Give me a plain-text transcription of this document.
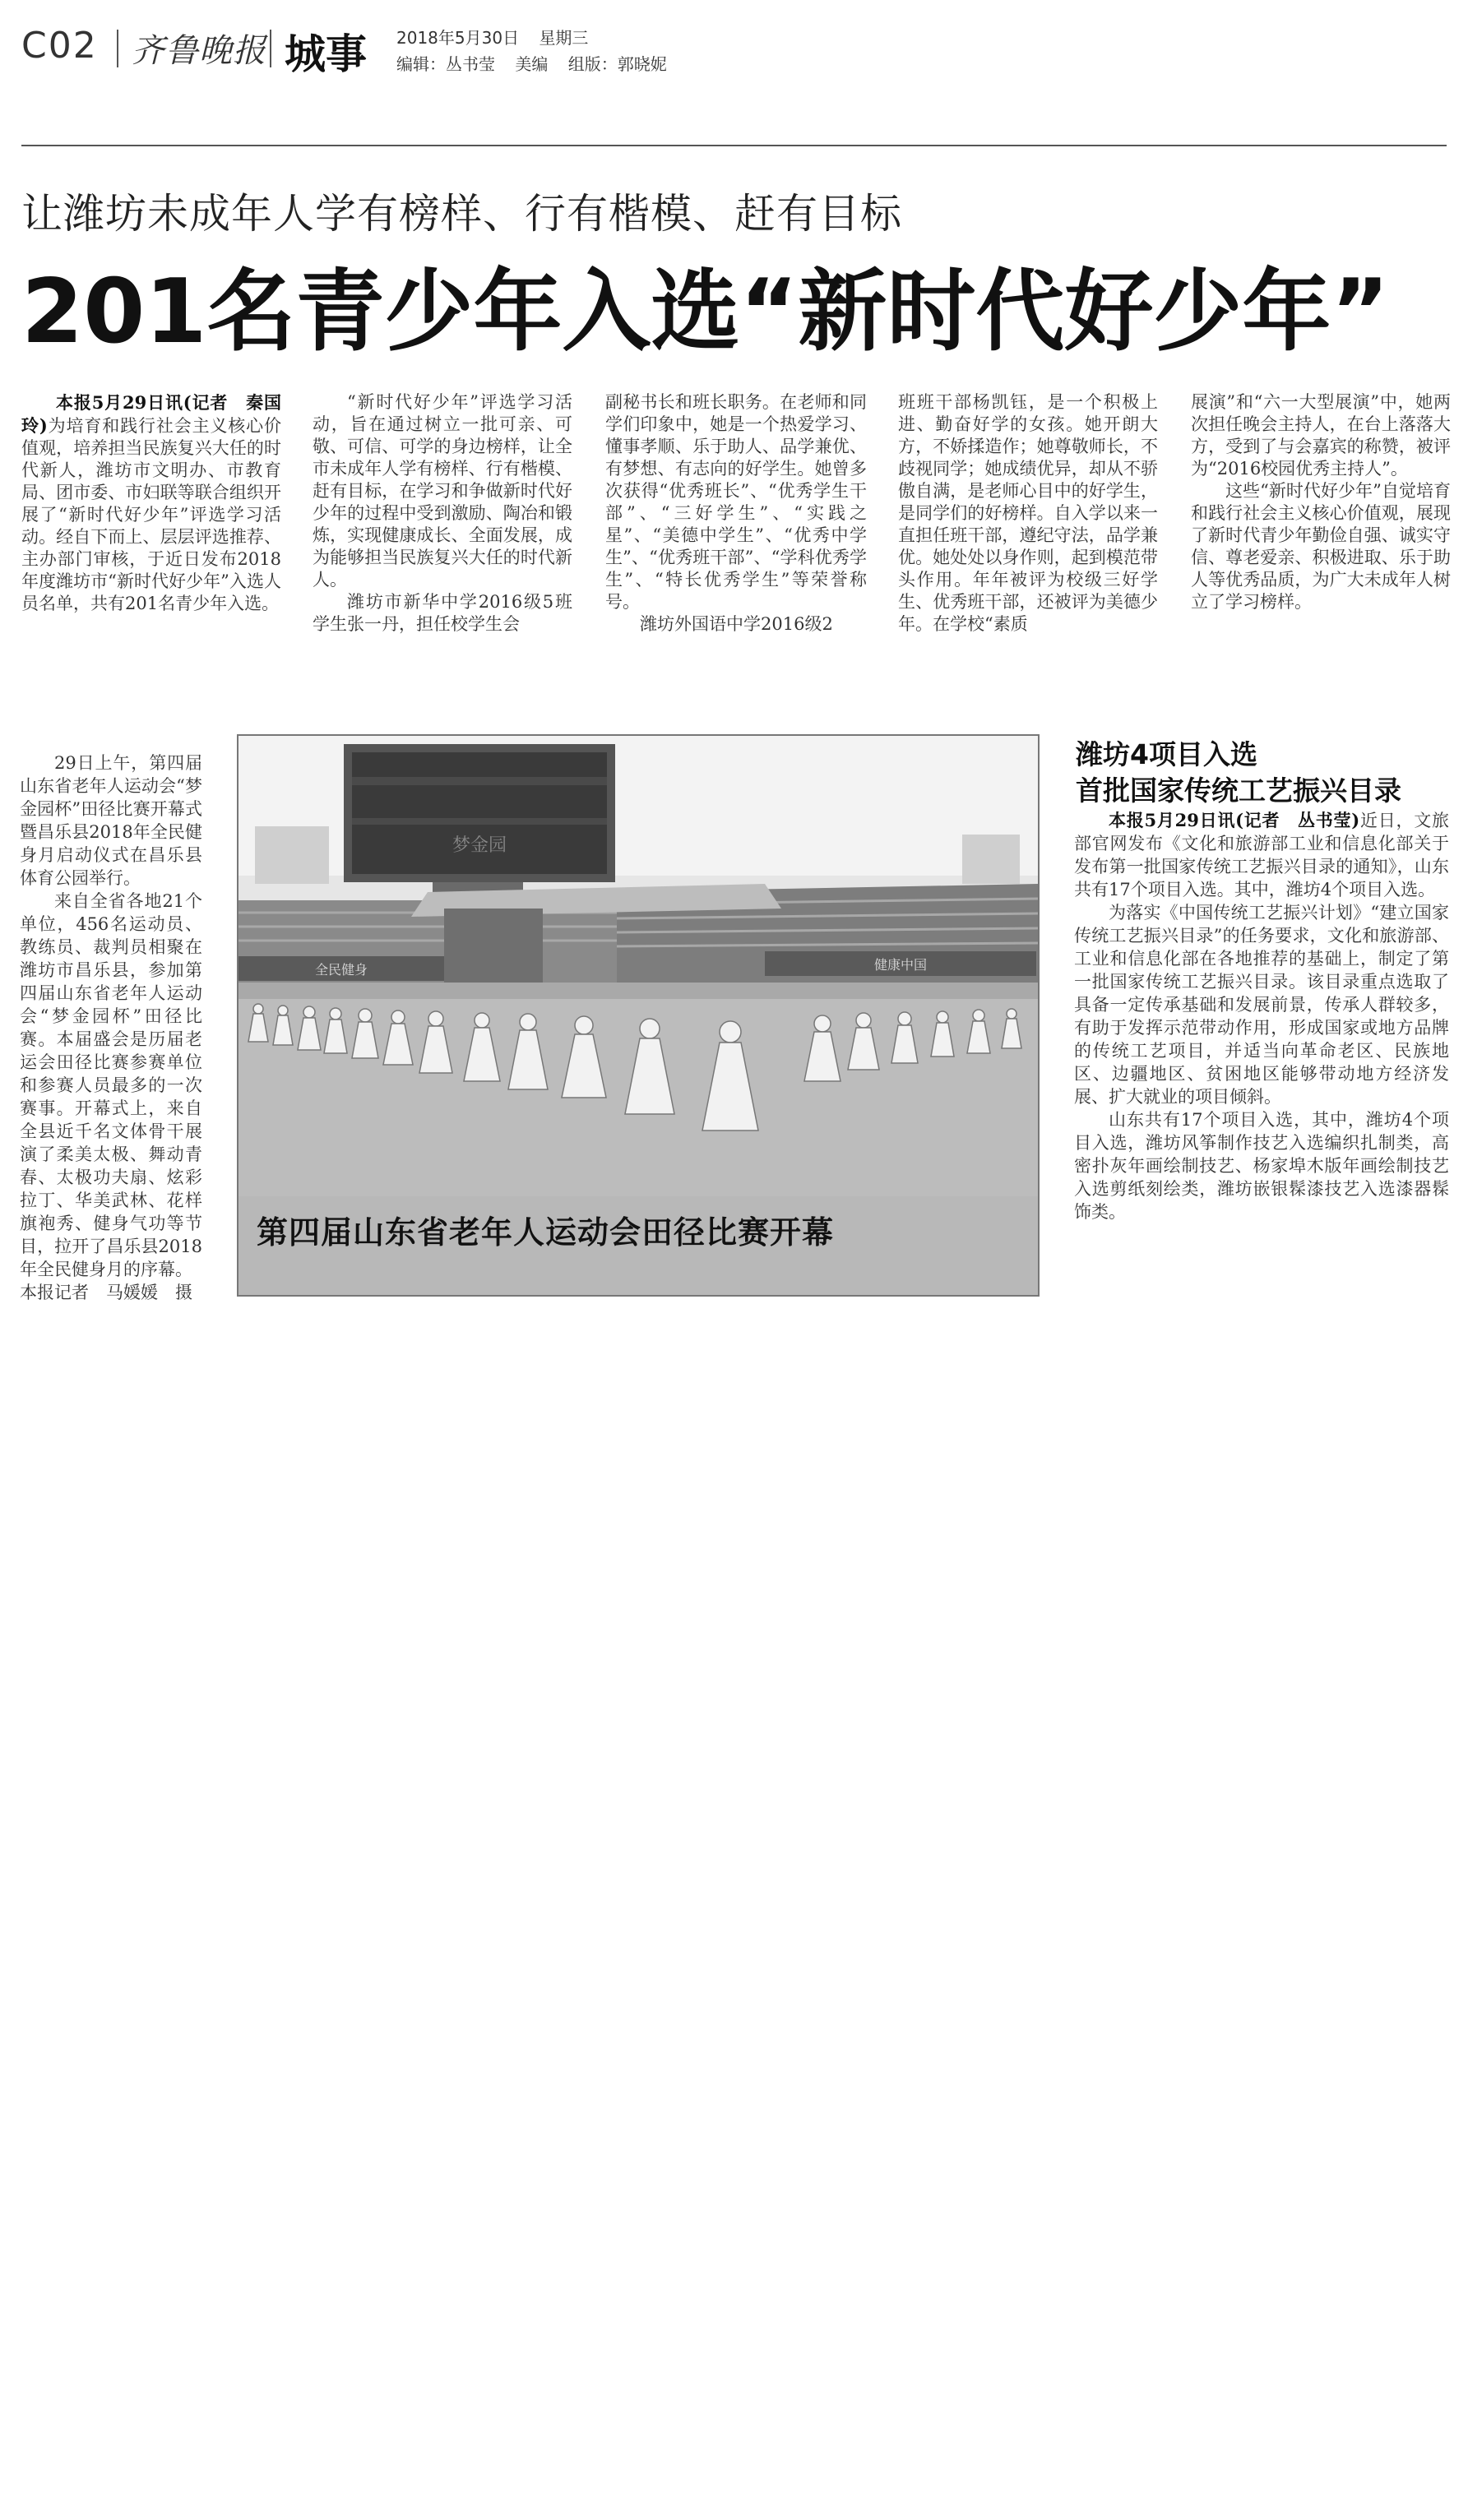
C02 齐鲁晚报 城事 2018年5月30日 星期三
编辑：丛书莹 美编 组版：郭晓妮
让潍坊未成年人学有榜样、行有楷模、赶有目标
201名青少年入选“新时代好少年”

本报5月29日讯(记者　秦国玲)为培育和践行社会主义核心价值观，培养担当民族复兴大任的时代新人，潍坊市文明办、市教育局、团市委、市妇联等联合组织开展了“新时代好少年”评选学习活动。经自下而上、层层评选推荐、主办部门审核，于近日发布2018年度潍坊市“新时代好少年”入选人员名单，共有201名青少年入选。

“新时代好少年”评选学习活动，旨在通过树立一批可亲、可敬、可信、可学的身边榜样，让全市未成年人学有榜样、行有楷模、赶有目标，在学习和争做新时代好少年的过程中受到激励、陶冶和锻炼，实现健康成长、全面发展，成为能够担当民族复兴大任的时代新人。

潍坊市新华中学2016级5班学生张一丹，担任校学生会

副秘书长和班长职务。在老师和同学们印象中，她是一个热爱学习、懂事孝顺、乐于助人、品学兼优、有梦想、有志向的好学生。她曾多次获得“优秀班长”、“优秀学生干部”、“三好学生”、“实践之星”、“美德中学生”、“优秀中学生”、“优秀班干部”、“学科优秀学生”、“特长优秀学生”等荣誉称号。

潍坊外国语中学2016级2

班班干部杨凯钰，是一个积极上进、勤奋好学的女孩。她开朗大方，不娇揉造作；她尊敬师长，不歧视同学；她成绩优异，却从不骄傲自满，是老师心目中的好学生，是同学们的好榜样。自入学以来一直担任班干部，遵纪守法，品学兼优。她处处以身作则，起到模范带头作用。年年被评为校级三好学生、优秀班干部，还被评为美德少年。在学校“素质

展演”和“六一大型展演”中，她两次担任晚会主持人，在台上落落大方，受到了与会嘉宾的称赞，被评为“2016校园优秀主持人”。

这些“新时代好少年”自觉培育和践行社会主义核心价值观，展现了新时代青少年勤俭自强、诚实守信、尊老爱亲、积极进取、乐于助人等优秀品质，为广大未成年人树立了学习榜样。

29日上午，第四届山东省老年人运动会“梦金园杯”田径比赛开幕式暨昌乐县2018年全民健身月启动仪式在昌乐县体育公园举行。

来自全省各地21个单位，456名运动员、教练员、裁判员相聚在潍坊市昌乐县，参加第四届山东省老年人运动会“梦金园杯”田径比赛。本届盛会是历届老运会田径比赛参赛单位和参赛人员最多的一次赛事。开幕式上，来自全县近千名文体骨干展演了柔美太极、舞动青春、太极功夫扇、炫彩拉丁、华美武林、花样旗袍秀、健身气功等节目，拉开了昌乐县2018年全民健身月的序幕。

本报记者　马媛媛　摄

梦金园
全民健身	健康中国
第四届山东省老年人运动会田径比赛开幕
潍坊4项目入选
首批国家传统工艺振兴目录

本报5月29日讯(记者　丛书莹)近日，文旅部官网发布《文化和旅游部工业和信息化部关于发布第一批国家传统工艺振兴目录的通知》，山东共有17个项目入选。其中，潍坊4个项目入选。

为落实《中国传统工艺振兴计划》“建立国家传统工艺振兴目录”的任务要求，文化和旅游部、工业和信息化部在各地推荐的基础上，制定了第一批国家传统工艺振兴目录。该目录重点选取了具备一定传承基础和发展前景，传承人群较多，有助于发挥示范带动作用，形成国家或地方品牌的传统工艺项目，并适当向革命老区、民族地区、边疆地区、贫困地区能够带动地方经济发展、扩大就业的项目倾斜。

山东共有17个项目入选，其中，潍坊4个项目入选，潍坊风筝制作技艺入选编织扎制类，高密扑灰年画绘制技艺、杨家埠木版年画绘制技艺入选剪纸刻绘类，潍坊嵌银髹漆技艺入选漆器髹饰类。
